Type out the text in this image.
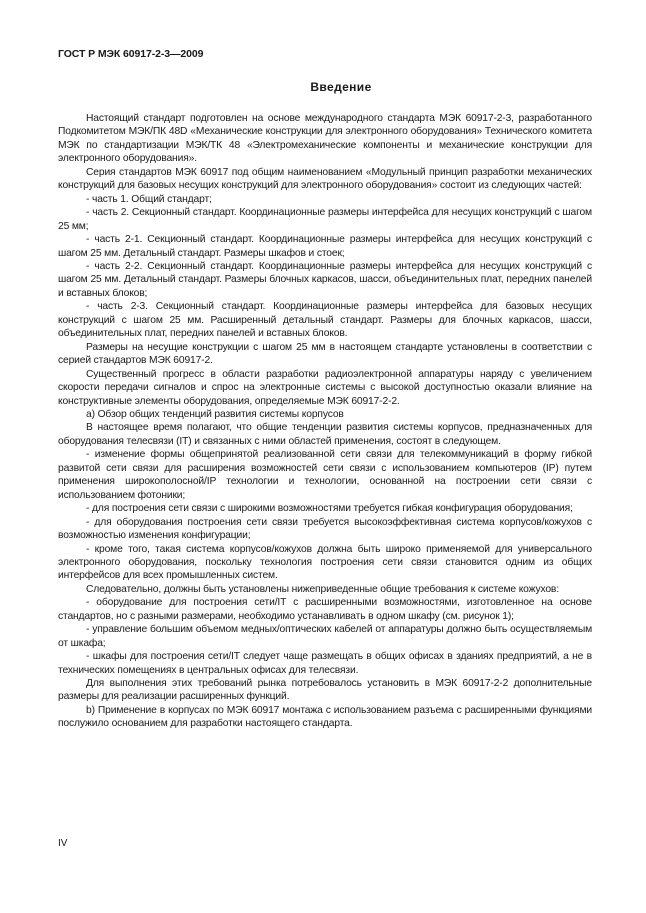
ГОСТ Р МЭК 60917-2-3—2009
Введение

Настоящий стандарт подготовлен на основе международного стандарта МЭК 60917-2-3, разработанного Подкомитетом МЭК/ПК 48D «Механические конструкции для электронного оборудования» Технического комитета МЭК по стандартизации МЭК/ТК 48 «Электромеханические компоненты и механические конструкции для электронного оборудования».

Серия стандартов МЭК 60917 под общим наименованием «Модульный принцип разработки механических конструкций для базовых несущих конструкций для электронного оборудования» состоит из следующих частей:

- часть 1. Общий стандарт;

- часть 2. Секционный стандарт. Координационные размеры интерфейса для несущих конструкций с шагом 25 мм;

- часть 2-1. Секционный стандарт. Координационные размеры интерфейса для несущих конструкций с шагом 25 мм. Детальный стандарт. Размеры шкафов и стоек;

- часть 2-2. Секционный стандарт. Координационные размеры интерфейса для несущих конструкций с шагом 25 мм. Детальный стандарт. Размеры блочных каркасов, шасси, объединительных плат, передних панелей и вставных блоков;

- часть 2-3. Секционный стандарт. Координационные размеры интерфейса для базовых несущих конструкций с шагом 25 мм. Расширенный детальный стандарт. Размеры для блочных каркасов, шасси, объединительных плат, передних панелей и вставных блоков.

Размеры на несущие конструкции с шагом 25 мм в настоящем стандарте установлены в соответствии с серией стандартов МЭК 60917-2.

Существенный прогресс в области разработки радиоэлектронной аппаратуры наряду с увеличением скорости передачи сигналов и спрос на электронные системы с высокой доступностью оказали влияние на конструктивные элементы оборудования, определяемые МЭК 60917-2-2.

а) Обзор общих тенденций развития системы корпусов

В настоящее время полагают, что общие тенденции развития системы корпусов, предназначенных для оборудования телесвязи (IT) и связанных с ними областей применения, состоят в следующем.

- изменение формы общепринятой реализованной сети связи для телекоммуникаций в форму гибкой развитой сети связи для расширения возможностей сети связи с использованием компьютеров (IP) путем применения широкополосной/IP технологии и технологии, основанной на построении сети связи с использованием фотоники;

- для построения сети связи с широкими возможностями требуется гибкая конфигурация оборудования;

- для оборудования построения сети связи требуется высокоэффективная система корпусов/кожухов с возможностью изменения конфигурации;

- кроме того, такая система корпусов/кожухов должна быть широко применяемой для универсального электронного оборудования, поскольку технология построения сети связи становится одним из общих интерфейсов для всех промышленных систем.

Следовательно, должны быть установлены нижеприведенные общие требования к системе кожухов:

- оборудование для построения сети/IT с расширенными возможностями, изготовленное на основе стандартов, но с разными размерами, необходимо устанавливать в одном шкафу (см. рисунок 1);

- управление большим объемом медных/оптических кабелей от аппаратуры должно быть осуществляемым от шкафа;

- шкафы для построения сети/IT следует чаще размещать в общих офисах в зданиях предприятий, а не в технических помещениях в центральных офисах для телесвязи.

Для выполнения этих требований рынка потребовалось установить в МЭК 60917-2-2 дополнительные размеры для реализации расширенных функций.

b) Применение в корпусах по МЭК 60917 монтажа с использованием разъема с расширенными функциями послужило основанием для разработки настоящего стандарта.

IV
